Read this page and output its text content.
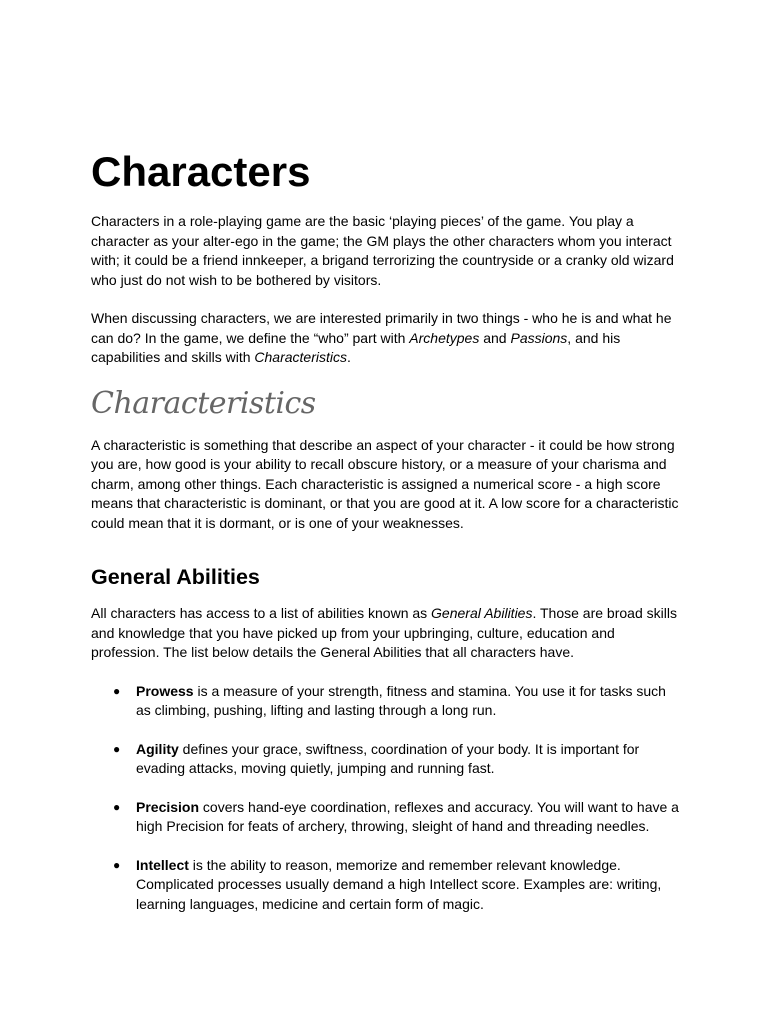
Characters

Characters in a role-playing game are the basic ‘playing pieces’ of the game. You play a character as your alter-ego in the game; the GM plays the other characters whom you interact with; it could be a friend innkeeper, a brigand terrorizing the countryside or a cranky old wizard who just do not wish to be bothered by visitors.

When discussing characters, we are interested primarily in two things - who he is and what he can do? In the game, we define the “who” part with Archetypes and Passions, and his capabilities and skills with Characteristics.

Characteristics

A characteristic is something that describe an aspect of your character - it could be how strong you are, how good is your ability to recall obscure history, or a measure of your charisma and charm, among other things. Each characteristic is assigned a numerical score - a high score means that characteristic is dominant, or that you are good at it. A low score for a characteristic could mean that it is dormant, or is one of your weaknesses.

General Abilities

All characters has access to a list of abilities known as General Abilities. Those are broad skills and knowledge that you have picked up from your upbringing, culture, education and profession. The list below details the General Abilities that all characters have.

● Prowess is a measure of your strength, fitness and stamina. You use it for tasks such as climbing, pushing, lifting and lasting through a long run.
● Agility defines your grace, swiftness, coordination of your body. It is important for evading attacks, moving quietly, jumping and running fast.
● Precision covers hand-eye coordination, reflexes and accuracy. You will want to have a high Precision for feats of archery, throwing, sleight of hand and threading needles.
● Intellect is the ability to reason, memorize and remember relevant knowledge. Complicated processes usually demand a high Intellect score. Examples are: writing, learning languages, medicine and certain form of magic.
